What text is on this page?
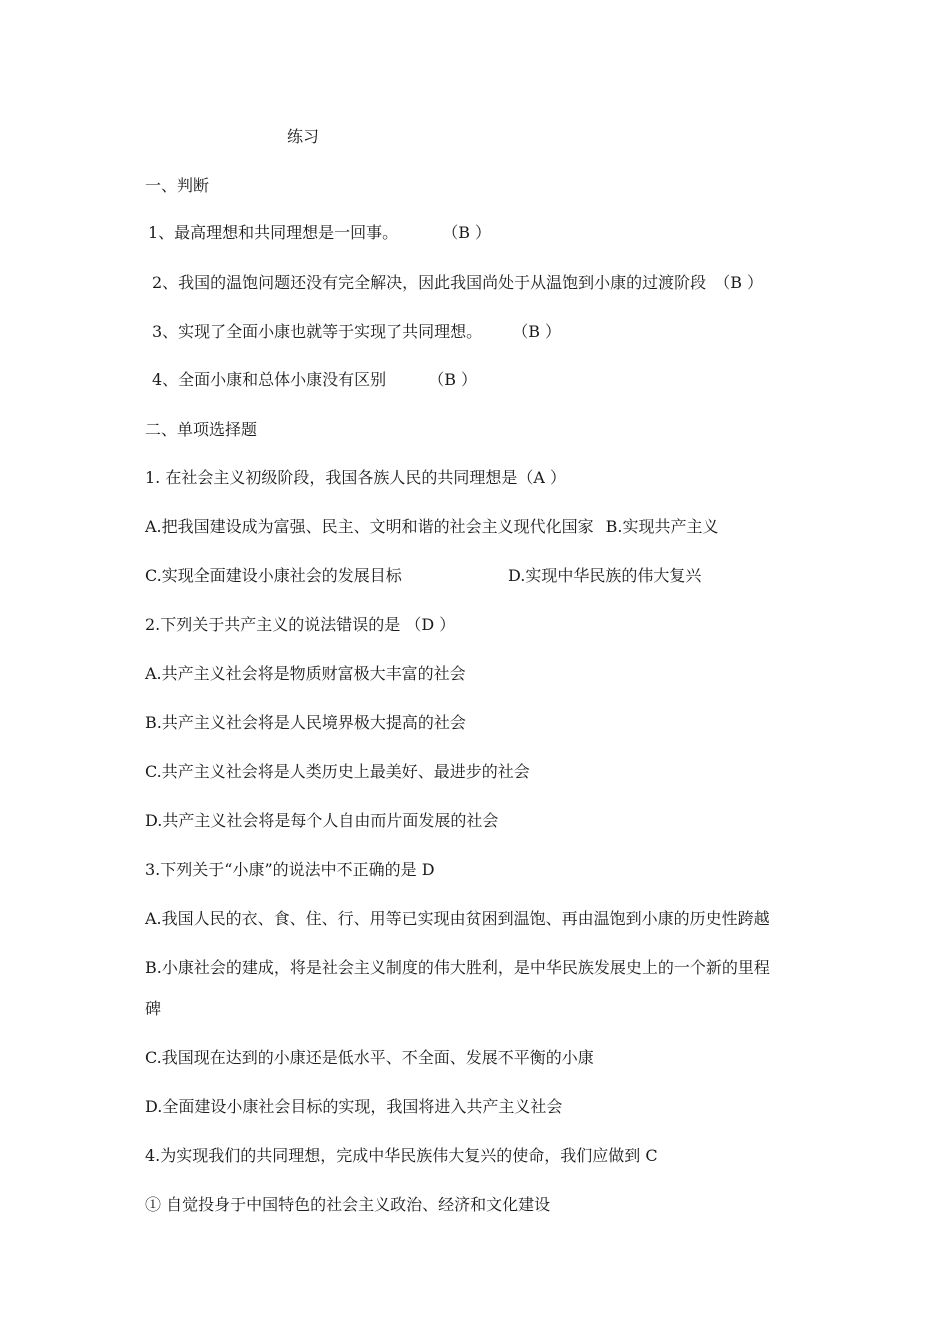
练习
一、判断
1、最高理想和共同理想是一回事。	（B ）
2、我国的温饱问题还没有完全解决，因此我国尚处于从温饱到小康的过渡阶段 （B ）
3、实现了全面小康也就等于实现了共同理想。 （B ）
4、全面小康和总体小康没有区别	（B ）
二、单项选择题
1. 在社会主义初级阶段，我国各族人民的共同理想是（A ）
A.把我国建设成为富强、民主、文明和谐的社会主义现代化国家 B.实现共产主义
C.实现全面建设小康社会的发展目标	D.实现中华民族的伟大复兴
2.下列关于共产主义的说法错误的是 （D ）
A.共产主义社会将是物质财富极大丰富的社会
B.共产主义社会将是人民境界极大提高的社会
C.共产主义社会将是人类历史上最美好、最进步的社会
D.共产主义社会将是每个人自由而片面发展的社会
3.下列关于“小康”的说法中不正确的是 D
A.我国人民的衣、食、住、行、用等已实现由贫困到温饱、再由温饱到小康的历史性跨越
B.小康社会的建成，将是社会主义制度的伟大胜利，是中华民族发展史上的一个新的里程
碑
C.我国现在达到的小康还是低水平、不全面、发展不平衡的小康
D.全面建设小康社会目标的实现，我国将进入共产主义社会
4.为实现我们的共同理想，完成中华民族伟大复兴的使命，我们应做到 C
① 自觉投身于中国特色的社会主义政治、经济和文化建设
